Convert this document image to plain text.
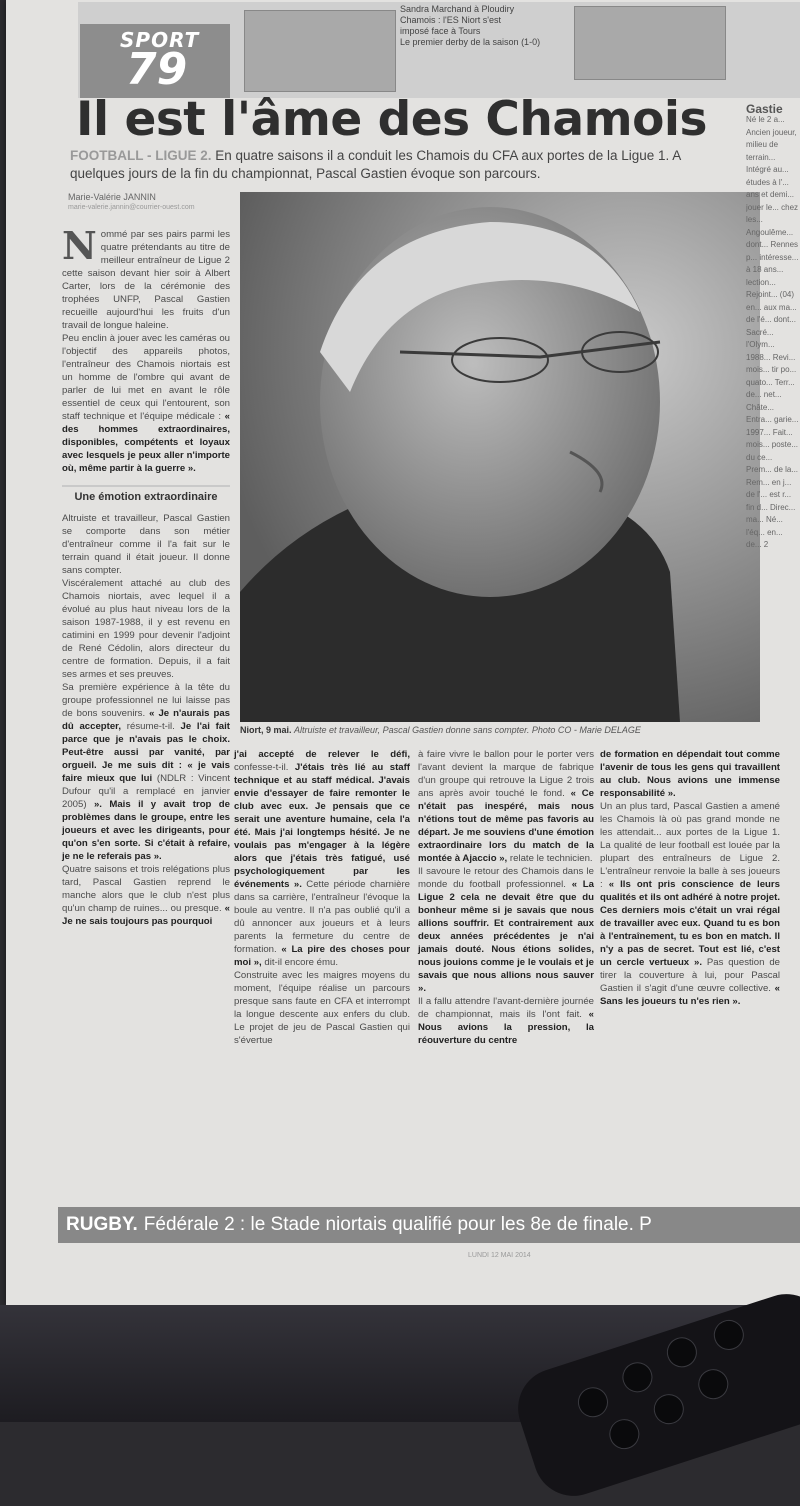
SPORT
79
Sandra Marchand à Ploudiry
Chamois : l'ES Niort s'est
imposé face à Tours
Le premier derby de la saison (1-0)
Gastie
Il est l'âme des Chamois
FOOTBALL - LIGUE 2. En quatre saisons il a conduit les Chamois du CFA aux portes de la Ligue 1. A quelques jours de la fin du championnat, Pascal Gastien évoque son parcours.
Marie-Valérie JANNIN
marie-valerie.jannin@courrier-ouest.com
Niort, 9 mai. Altruiste et travailleur, Pascal Gastien donne sans compter. Photo CO - Marie DELAGE
N ommé par ses pairs parmi les quatre prétendants au titre de meilleur entraîneur de Ligue 2 cette saison devant hier soir à Albert Carter, lors de la cérémonie des trophées UNFP, Pascal Gastien recueille aujourd'hui les fruits d'un travail de longue haleine.
Peu enclin à jouer avec les caméras ou l'objectif des appareils photos, l'entraîneur des Chamois niortais est un homme de l'ombre qui avant de parler de lui met en avant le rôle essentiel de ceux qui l'entourent, son staff technique et l'équipe médicale : « des hommes extraordinaires, disponibles, compétents et loyaux avec lesquels je peux aller n'importe où, même partir à la guerre ».
Une émotion extraordinaire
Altruiste et travailleur, Pascal Gastien se comporte dans son métier d'entraîneur comme il l'a fait sur le terrain quand il était joueur. Il donne sans compter.
Viscéralement attaché au club des Chamois niortais, avec lequel il a évolué au plus haut niveau lors de la saison 1987-1988, il y est revenu en catimini en 1999 pour devenir l'adjoint de René Cédolin, alors directeur du centre de formation. Depuis, il a fait ses armes et ses preuves.
Sa première expérience à la tête du groupe professionnel ne lui laisse pas de bons souvenirs. « Je n'aurais pas dû accepter, résume-t-il. Je l'ai fait parce que je n'avais pas le choix. Peut-être aussi par vanité, par orgueil. Je me suis dit : « je vais faire mieux que lui (NDLR : Vincent Dufour qu'il a remplacé en janvier 2005) ». Mais il y avait trop de problèmes dans le groupe, entre les joueurs et avec les dirigeants, pour qu'on s'en sorte. Si c'était à refaire, je ne le referais pas ».
Quatre saisons et trois relégations plus tard, Pascal Gastien reprend le manche alors que le club n'est plus qu'un champ de ruines... ou presque. « Je ne sais toujours pas pourquoi
j'ai accepté de relever le défi, confesse-t-il. J'étais très lié au staff technique et au staff médical. J'avais envie d'essayer de faire remonter le club avec eux. Je pensais que ce serait une aventure humaine, cela l'a été. Mais j'ai longtemps hésité. Je ne voulais pas m'engager à la légère alors que j'étais très fatigué, usé psychologiquement par les événements ». Cette période charnière dans sa carrière, l'entraîneur l'évoque la boule au ventre. Il n'a pas oublié qu'il a dû annoncer aux joueurs et à leurs parents la fermeture du centre de formation. « La pire des choses pour moi », dit-il encore ému.
Construite avec les maigres moyens du moment, l'équipe réalise un parcours presque sans faute en CFA et interrompt la longue descente aux enfers du club. Le projet de jeu de Pascal Gastien qui s'évertue
à faire vivre le ballon pour le porter vers l'avant devient la marque de fabrique d'un groupe qui retrouve la Ligue 2 trois ans après avoir touché le fond. « Ce n'était pas inespéré, mais nous n'étions tout de même pas favoris au départ. Je me souviens d'une émotion extraordinaire lors du match de la montée à Ajaccio », relate le technicien.
Il savoure le retour des Chamois dans le monde du football professionnel. « La Ligue 2 cela ne devait être que du bonheur même si je savais que nous allions souffrir. Et contrairement aux deux années précédentes je n'ai jamais douté. Nous étions solides, nous jouions comme je le voulais et je savais que nous allions nous sauver ».
Il a fallu attendre l'avant-dernière journée de championnat, mais ils l'ont fait. « Nous avions la pression, la réouverture du centre
de formation en dépendait tout comme l'avenir de tous les gens qui travaillent au club. Nous avions une immense responsabilité ».
Un an plus tard, Pascal Gastien a amené les Chamois là où pas grand monde ne les attendait... aux portes de la Ligue 1. La qualité de leur football est louée par la plupart des entraîneurs de Ligue 2. L'entraîneur renvoie la balle à ses joueurs : « Ils ont pris conscience de leurs qualités et ils ont adhéré à notre projet. Ces derniers mois c'était un vrai régal de travailler avec eux. Quand tu es bon à l'entraînement, tu es bon en match. Il n'y a pas de secret. Tout est lié, c'est un cercle vertueux ». Pas question de tirer la couverture à lui, pour Pascal Gastien il s'agit d'une œuvre collective. « Sans les joueurs tu n'es rien ».
Né le 2 a... Ancien joueur, milieu de terrain... Intégré au... études à l'... ans et demi... jouer le... chez les... Angoulême... dont... Rennes p... intéresse... à 18 ans... lection... Rejoint... (04) en... aux ma... de l'é... dont... Sacré... l'Olym... 1988... Revi... mois... tir po... quato... Terr... de... net... Châte... Entra... garie... 1997... Fait... mois... poste... du ce... Prem... de la... Rem... en j... de l'... est r... fin d... Direc... ma... Né... l'éq... en... de... 2
RUGBY. Fédérale 2 : le Stade niortais qualifié pour les 8e de finale. P
LUNDI 12 MAI 2014
